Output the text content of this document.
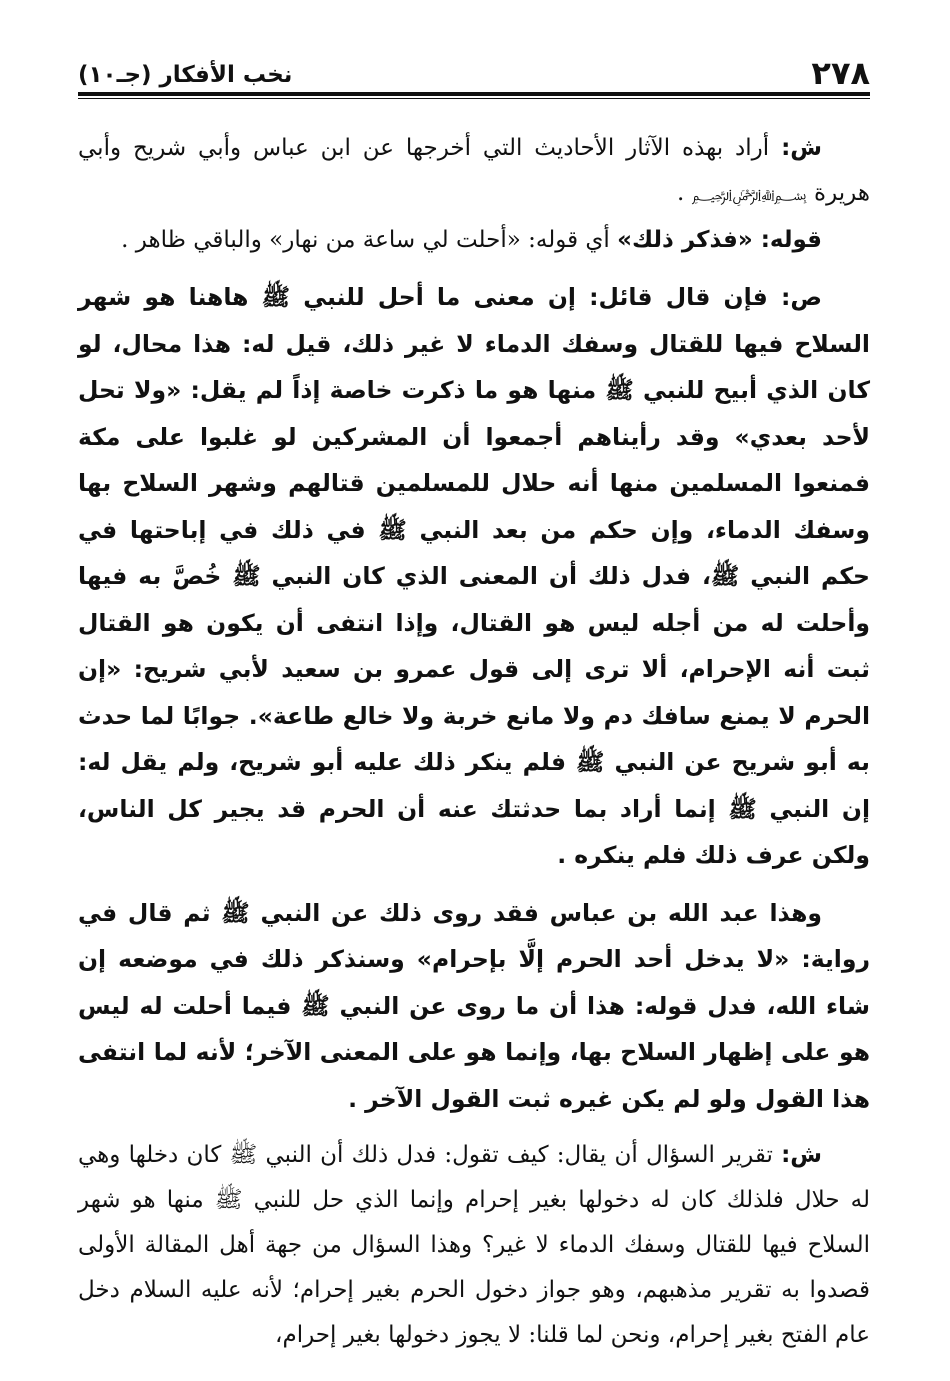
٢٧٨
نخب الأفكار (جـ١٠)

ش: أراد بهذه الآثار الأحاديث التي أخرجها عن ابن عباس وأبي شريح وأبي هريرة ﷽ .

قوله: «فذكر ذلك» أي قوله: «أحلت لي ساعة من نهار» والباقي ظاهر .

ص: فإن قال قائل: إن معنى ما أحل للنبي ﷺ هاهنا هو شهر السلاح فيها للقتال وسفك الدماء لا غير ذلك، قيل له: هذا محال، لو كان الذي أبيح للنبي ﷺ منها هو ما ذكرت خاصة إذاً لم يقل: «ولا تحل لأحد بعدي» وقد رأيناهم أجمعوا أن المشركين لو غلبوا على مكة فمنعوا المسلمين منها أنه حلال للمسلمين قتالهم وشهر السلاح بها وسفك الدماء، وإن حكم من بعد النبي ﷺ في ذلك في إباحتها في حكم النبي ﷺ، فدل ذلك أن المعنى الذي كان النبي ﷺ خُصَّ به فيها وأحلت له من أجله ليس هو القتال، وإذا انتفى أن يكون هو القتال ثبت أنه الإحرام، ألا ترى إلى قول عمرو بن سعيد لأبي شريح: «إن الحرم لا يمنع سافك دم ولا مانع خربة ولا خالع طاعة». جوابًا لما حدث به أبو شريح عن النبي ﷺ فلم ينكر ذلك عليه أبو شريح، ولم يقل له: إن النبي ﷺ إنما أراد بما حدثتك عنه أن الحرم قد يجير كل الناس، ولكن عرف ذلك فلم ينكره .

وهذا عبد الله بن عباس فقد روى ذلك عن النبي ﷺ ثم قال في رواية: «لا يدخل أحد الحرم إلَّا بإحرام» وسنذكر ذلك في موضعه إن شاء الله، فدل قوله: هذا أن ما روى عن النبي ﷺ فيما أحلت له ليس هو على إظهار السلاح بها، وإنما هو على المعنى الآخر؛ لأنه لما انتفى هذا القول ولو لم يكن غيره ثبت القول الآخر .

ش: تقرير السؤال أن يقال: كيف تقول: فدل ذلك أن النبي ﷺ كان دخلها وهي له حلال فلذلك كان له دخولها بغير إحرام وإنما الذي حل للنبي ﷺ منها هو شهر السلاح فيها للقتال وسفك الدماء لا غير؟ وهذا السؤال من جهة أهل المقالة الأولى قصدوا به تقرير مذهبهم، وهو جواز دخول الحرم بغير إحرام؛ لأنه عليه السلام دخل عام الفتح بغير إحرام، ونحن لما قلنا: لا يجوز دخولها بغير إحرام،
